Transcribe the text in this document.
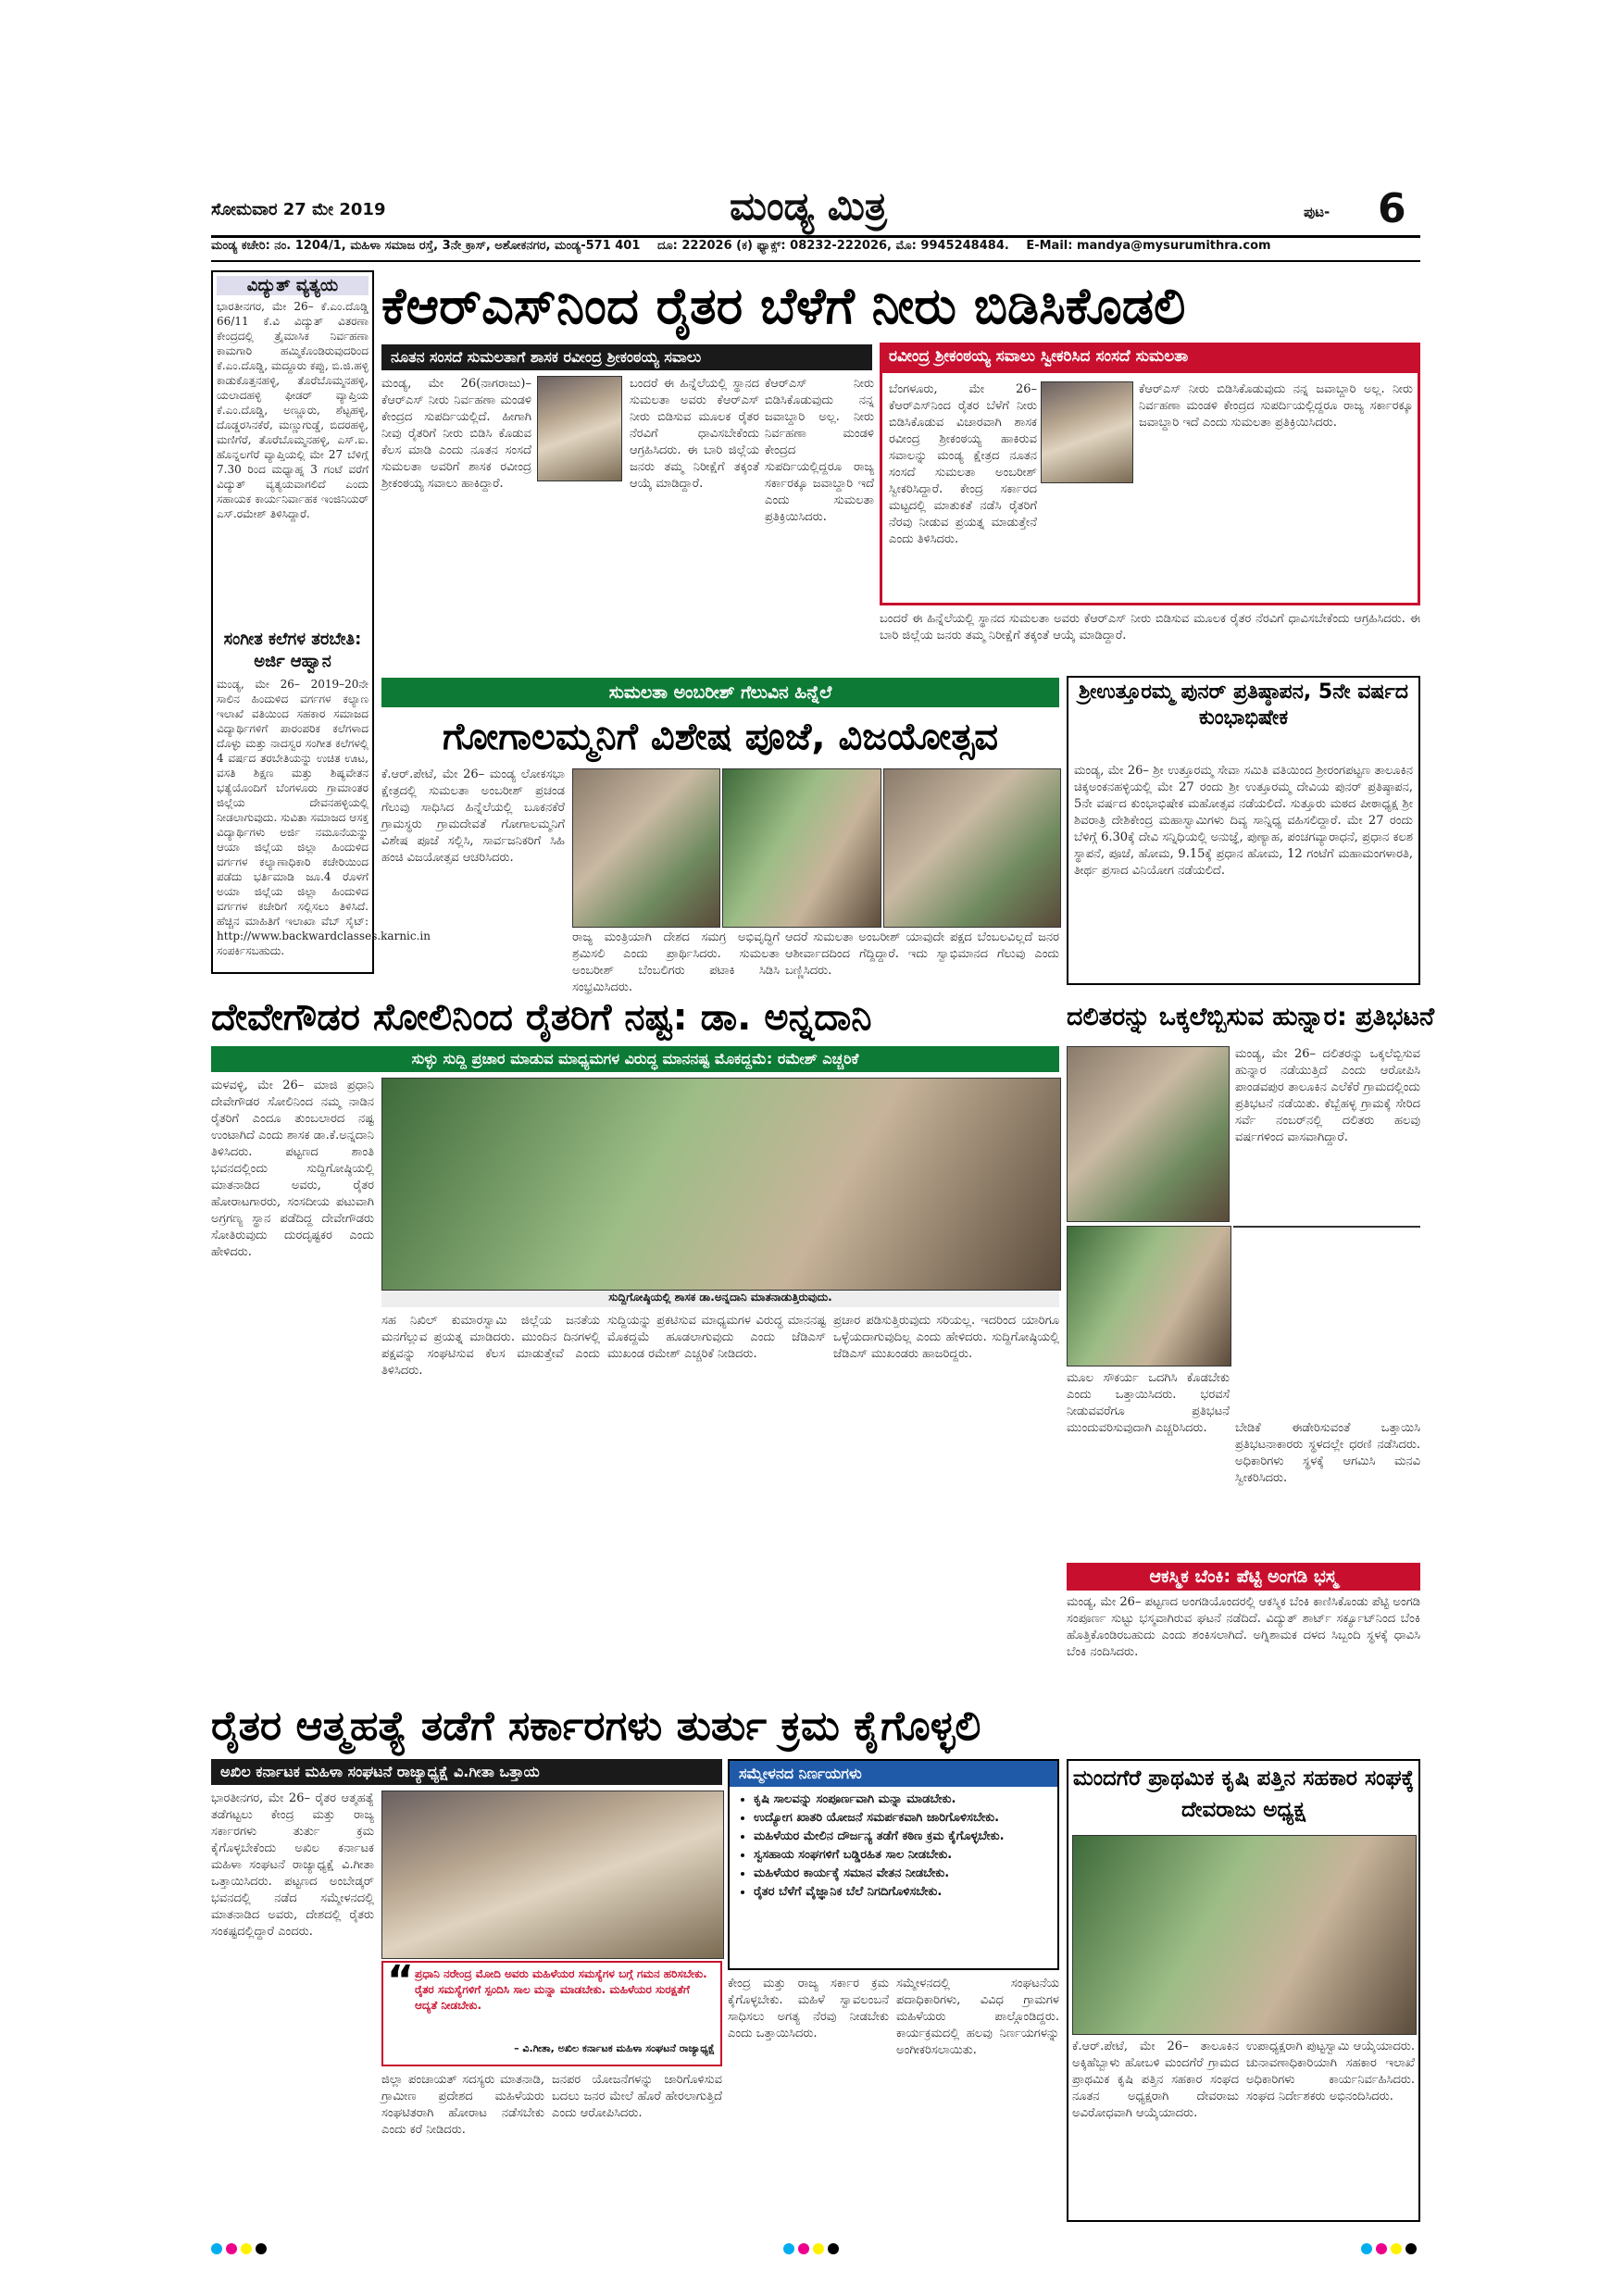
ಸೋಮವಾರ 27 ಮೇ 2019	ಮಂಡ್ಯ ಮಿತ್ರ	ಪುಟ- 6
ಮಂಡ್ಯ ಕಚೇರಿ: ನಂ. 1204/1, ಮಹಿಳಾ ಸಮಾಜ ರಸ್ತೆ, 3ನೇ ಕ್ರಾಸ್, ಅಶೋಕನಗರ, ಮಂಡ್ಯ-571 401 ದೂ: 222026 (ಕ) ಫ್ಯಾಕ್ಸ್: 08232-222026, ಮೊ: 9945248484. E-Mail: mandya@mysurumithra.com
ವಿದ್ಯುತ್ ವ್ಯತ್ಯಯ
ಭಾರತೀನಗರ, ಮೇ 26– ಕೆ.ಎಂ.ದೊಡ್ಡಿ 66/11 ಕೆ.ವಿ ವಿದ್ಯುತ್ ವಿತರಣಾ ಕೇಂದ್ರದಲ್ಲಿ ತ್ರೈಮಾಸಿಕ ನಿರ್ವಹಣಾ ಕಾಮಗಾರಿ ಹಮ್ಮಿಕೊಂಡಿರುವುದರಿಂದ ಕೆ.ಎಂ.ದೊಡ್ಡಿ, ಮದ್ದೂರು ಕಪ್ಪು, ಬಿ.ಜಿ.ಹಳ್ಳಿ ಕಾಡುಕೊತ್ತನಹಳ್ಳಿ, ತೊರೆಬೊಮ್ಮನಹಳ್ಳಿ, ಯಲಾದಹಳ್ಳಿ ಫೀಡರ್ ವ್ಯಾಪ್ತಿಯ ಕೆ.ಎಂ.ದೊಡ್ಡಿ, ಅಣ್ಣೂರು, ಶೆಟ್ಟಹಳ್ಳಿ, ದೊಡ್ಡರಸಿನಕೆರೆ, ಮಣ್ಣುಗುಡ್ಡೆ, ಬಿದರಹಳ್ಳಿ, ಮಣಿಗೆರೆ, ತೊರೆಬೊಮ್ಮನಹಳ್ಳಿ, ಎಸ್.ಐ. ಹೊನ್ನಲಗೆರೆ ವ್ಯಾಪ್ತಿಯಲ್ಲಿ ಮೇ 27 ಬೆಳಿಗ್ಗೆ 7.30 ರಿಂದ ಮಧ್ಯಾಹ್ನ 3 ಗಂಟೆ ವರೆಗೆ ವಿದ್ಯುತ್ ವ್ಯತ್ಯಯವಾಗಲಿದೆ ಎಂದು ಸಹಾಯಕ ಕಾರ್ಯನಿರ್ವಾಹಕ ಇಂಜಿನಿಯರ್ ಎಸ್.ರಮೇಶ್ ತಿಳಿಸಿದ್ದಾರೆ.
ಸಂಗೀತ ಕಲೆಗಳ ತರಬೇತಿ: ಅರ್ಜಿ ಆಹ್ವಾನ
ಮಂಡ್ಯ, ಮೇ 26– 2019–20ನೇ ಸಾಲಿನ ಹಿಂದುಳಿದ ವರ್ಗಗಳ ಕಲ್ಯಾಣ ಇಲಾಖೆ ವತಿಯಿಂದ ಸಹಕಾರ ಸಮಾಜದ ವಿದ್ಯಾರ್ಥಿಗಳಿಗೆ ಪಾರಂಪರಿಕ ಕಲೆಗಳಾದ ದೊಳ್ಳು ಮತ್ತು ನಾದಸ್ವರ ಸಂಗೀತ ಕಲೆಗಳಲ್ಲಿ 4 ವರ್ಷದ ತರಬೇತಿಯನ್ನು ಉಚಿತ ಊಟ, ವಸತಿ ಶಿಕ್ಷಣ ಮತ್ತು ಶಿಷ್ಯವೇತನ ಭತ್ಯೆಯೊಂದಿಗೆ ಬೆಂಗಳೂರು ಗ್ರಾಮಾಂತರ ಜಿಲ್ಲೆಯ ದೇವನಹಳ್ಳಿಯಲ್ಲಿ ನೀಡಲಾಗುವುದು. ಸುವಿತಾ ಸಮಾಜದ ಆಸಕ್ತ ವಿದ್ಯಾರ್ಥಿಗಳು ಅರ್ಜಿ ನಮೂನೆಯನ್ನು ಆಯಾ ಜಿಲ್ಲೆಯ ಜಿಲ್ಲಾ ಹಿಂದುಳಿದ ವರ್ಗಗಳ ಕಲ್ಯಾಣಾಧಿಕಾರಿ ಕಚೇರಿಯಿಂದ ಪಡೆದು ಭರ್ತಿಮಾಡಿ ಜೂ.4 ರೊಳಗೆ ಅಯಾ ಜಿಲ್ಲೆಯ ಜಿಲ್ಲಾ ಹಿಂದುಳಿದ ವರ್ಗಗಳ ಕಚೇರಿಗೆ ಸಲ್ಲಿಸಲು ತಿಳಿಸಿದೆ. ಹೆಚ್ಚಿನ ಮಾಹಿತಿಗೆ ಇಲಾಖಾ ವೆಬ್ ಸೈಟ್: http://www.backwardclasses.karnic.in ಸಂಪರ್ಕಿಸಬಹುದು.
ಕೆಆರ್‌ಎಸ್‌ನಿಂದ ರೈತರ ಬೆಳೆಗೆ ನೀರು ಬಿಡಿಸಿಕೊಡಲಿ
ನೂತನ ಸಂಸದೆ ಸುಮಲತಾಗೆ ಶಾಸಕ ರವೀಂದ್ರ ಶ್ರೀಕಂಠಯ್ಯ ಸವಾಲು	ರವೀಂದ್ರ ಶ್ರೀಕಂಠಯ್ಯ ಸವಾಲು ಸ್ವೀಕರಿಸಿದ ಸಂಸದೆ ಸುಮಲತಾ
ಮಂಡ್ಯ, ಮೇ 26(ನಾಗರಾಜು)– ಕೆಆರ್‌ಎಸ್ ನೀರು ನಿರ್ವಹಣಾ ಮಂಡಳಿ ಕೇಂದ್ರದ ಸುಪರ್ದಿಯಲ್ಲಿದೆ. ಹೀಗಾಗಿ ನೀವು ರೈತರಿಗೆ ನೀರು ಬಿಡಿಸಿ ಕೊಡುವ ಕೆಲಸ ಮಾಡಿ ಎಂದು ನೂತನ ಸಂಸದೆ ಸುಮಲತಾ ಅವರಿಗೆ ಶಾಸಕ ರವೀಂದ್ರ ಶ್ರೀಕಂಠಯ್ಯ ಸವಾಲು ಹಾಕಿದ್ದಾರೆ.
ಬಂದರೆ ಈ ಹಿನ್ನೆಲೆಯಲ್ಲಿ ಸ್ಥಾನದ ಸುಮಲತಾ ಅವರು ಕೆಆರ್‌ಎಸ್ ನೀರು ಬಿಡಿಸುವ ಮೂಲಕ ರೈತರ ನೆರವಿಗೆ ಧಾವಿಸಬೇಕೆಂದು ಆಗ್ರಹಿಸಿದರು. ಈ ಬಾರಿ ಜಿಲ್ಲೆಯ ಜನರು ತಮ್ಮ ನಿರೀಕ್ಷೆಗೆ ತಕ್ಕಂತೆ ಆಯ್ಕೆ ಮಾಡಿದ್ದಾರೆ.
ಕೆಆರ್‌ಎಸ್ ನೀರು ಬಿಡಿಸಿಕೊಡುವುದು ನನ್ನ ಜವಾಬ್ದಾರಿ ಅಲ್ಲ. ನೀರು ನಿರ್ವಹಣಾ ಮಂಡಳಿ ಕೇಂದ್ರದ ಸುಪರ್ದಿಯಲ್ಲಿದ್ದರೂ ರಾಜ್ಯ ಸರ್ಕಾರಕ್ಕೂ ಜವಾಬ್ದಾರಿ ಇದೆ ಎಂದು ಸುಮಲತಾ ಪ್ರತಿಕ್ರಿಯಿಸಿದರು.
ಬೆಂಗಳೂರು, ಮೇ 26– ಕೆಆರ್‌ಎಸ್‌ನಿಂದ ರೈತರ ಬೆಳೆಗೆ ನೀರು ಬಿಡಿಸಿಕೊಡುವ ವಿಚಾರವಾಗಿ ಶಾಸಕ ರವೀಂದ್ರ ಶ್ರೀಕಂಠಯ್ಯ ಹಾಕಿರುವ ಸವಾಲನ್ನು ಮಂಡ್ಯ ಕ್ಷೇತ್ರದ ನೂತನ ಸಂಸದೆ ಸುಮಲತಾ ಅಂಬರೀಶ್ ಸ್ವೀಕರಿಸಿದ್ದಾರೆ. ಕೇಂದ್ರ ಸರ್ಕಾರದ ಮಟ್ಟದಲ್ಲಿ ಮಾತುಕತೆ ನಡೆಸಿ ರೈತರಿಗೆ ನೆರವು ನೀಡುವ ಪ್ರಯತ್ನ ಮಾಡುತ್ತೇನೆ ಎಂದು ತಿಳಿಸಿದರು.
ಕೆಆರ್‌ಎಸ್ ನೀರು ಬಿಡಿಸಿಕೊಡುವುದು ನನ್ನ ಜವಾಬ್ದಾರಿ ಅಲ್ಲ. ನೀರು ನಿರ್ವಹಣಾ ಮಂಡಳಿ ಕೇಂದ್ರದ ಸುಪರ್ದಿಯಲ್ಲಿದ್ದರೂ ರಾಜ್ಯ ಸರ್ಕಾರಕ್ಕೂ ಜವಾಬ್ದಾರಿ ಇದೆ ಎಂದು ಸುಮಲತಾ ಪ್ರತಿಕ್ರಿಯಿಸಿದರು.
ಬಂದರೆ ಈ ಹಿನ್ನೆಲೆಯಲ್ಲಿ ಸ್ಥಾನದ ಸುಮಲತಾ ಅವರು ಕೆಆರ್‌ಎಸ್ ನೀರು ಬಿಡಿಸುವ ಮೂಲಕ ರೈತರ ನೆರವಿಗೆ ಧಾವಿಸಬೇಕೆಂದು ಆಗ್ರಹಿಸಿದರು. ಈ ಬಾರಿ ಜಿಲ್ಲೆಯ ಜನರು ತಮ್ಮ ನಿರೀಕ್ಷೆಗೆ ತಕ್ಕಂತೆ ಆಯ್ಕೆ ಮಾಡಿದ್ದಾರೆ.
ಸುಮಲತಾ ಅಂಬರೀಶ್ ಗೆಲುವಿನ ಹಿನ್ನೆಲೆ
ಗೋಗಾಲಮ್ಮನಿಗೆ ವಿಶೇಷ ಪೂಜೆ, ವಿಜಯೋತ್ಸವ
ಕೆ.ಆರ್.ಪೇಟೆ, ಮೇ 26– ಮಂಡ್ಯ ಲೋಕಸಭಾ ಕ್ಷೇತ್ರದಲ್ಲಿ ಸುಮಲತಾ ಅಂಬರೀಶ್ ಪ್ರಚಂಡ ಗೆಲುವು ಸಾಧಿಸಿದ ಹಿನ್ನೆಲೆಯಲ್ಲಿ ಬೂಕನಕೆರೆ ಗ್ರಾಮಸ್ಥರು ಗ್ರಾಮದೇವತೆ ಗೋಗಾಲಮ್ಮನಿಗೆ ವಿಶೇಷ ಪೂಜೆ ಸಲ್ಲಿಸಿ, ಸಾರ್ವಜನಿಕರಿಗೆ ಸಿಹಿ ಹಂಚಿ ವಿಜಯೋತ್ಸವ ಆಚರಿಸಿದರು.
ರಾಜ್ಯ ಮಂತ್ರಿಯಾಗಿ ದೇಶದ ಸಮಗ್ರ ಅಭಿವೃದ್ಧಿಗೆ ಶ್ರಮಿಸಲಿ ಎಂದು ಪ್ರಾರ್ಥಿಸಿದರು. ಸುಮಲತಾ ಅಂಬರೀಶ್ ಬೆಂಬಲಿಗರು ಪಟಾಕಿ ಸಿಡಿಸಿ ಸಂಭ್ರಮಿಸಿದರು.
ಆದರೆ ಸುಮಲತಾ ಅಂಬರೀಶ್ ಯಾವುದೇ ಪಕ್ಷದ ಬೆಂಬಲವಿಲ್ಲದೆ ಜನರ ಆಶೀರ್ವಾದದಿಂದ ಗೆದ್ದಿದ್ದಾರೆ. ಇದು ಸ್ವಾಭಿಮಾನದ ಗೆಲುವು ಎಂದು ಬಣ್ಣಿಸಿದರು.
ಶ್ರೀಉತ್ತೂರಮ್ಮ ಪುನರ್ ಪ್ರತಿಷ್ಠಾಪನ, 5ನೇ ವರ್ಷದ ಕುಂಭಾಭಿಷೇಕ
ಮಂಡ್ಯ, ಮೇ 26– ಶ್ರೀ ಉತ್ತೂರಮ್ಮ ಸೇವಾ ಸಮಿತಿ ವತಿಯಿಂದ ಶ್ರೀರಂಗಪಟ್ಟಣ ತಾಲೂಕಿನ ಚಿಕ್ಕಅಂಕನಹಳ್ಳಿಯಲ್ಲಿ ಮೇ 27 ರಂದು ಶ್ರೀ ಉತ್ತೂರಮ್ಮ ದೇವಿಯ ಪುನರ್ ಪ್ರತಿಷ್ಠಾಪನ, 5ನೇ ವರ್ಷದ ಕುಂಭಾಭಿಷೇಕ ಮಹೋತ್ಸವ ನಡೆಯಲಿದೆ. ಸುತ್ತೂರು ಮಠದ ಪೀಠಾಧ್ಯಕ್ಷ ಶ್ರೀ ಶಿವರಾತ್ರಿ ದೇಶಿಕೇಂದ್ರ ಮಹಾಸ್ವಾಮಿಗಳು ದಿವ್ಯ ಸಾನ್ನಿಧ್ಯ ವಹಿಸಲಿದ್ದಾರೆ. ಮೇ 27 ರಂದು ಬೆಳಿಗ್ಗೆ 6.30ಕ್ಕೆ ದೇವಿ ಸನ್ನಿಧಿಯಲ್ಲಿ ಅನುಜ್ಞೆ, ಪುಣ್ಯಾಹ, ಪಂಚಗವ್ಯಾರಾಧನೆ, ಪ್ರಧಾನ ಕಲಶ ಸ್ಥಾಪನೆ, ಪೂಜೆ, ಹೋಮ, 9.15ಕ್ಕೆ ಪ್ರಧಾನ ಹೋಮ, 12 ಗಂಟೆಗೆ ಮಹಾಮಂಗಳಾರತಿ, ತೀರ್ಥ ಪ್ರಸಾದ ವಿನಿಯೋಗ ನಡೆಯಲಿದೆ.
ದೇವೇಗೌಡರ ಸೋಲಿನಿಂದ ರೈತರಿಗೆ ನಷ್ಟ: ಡಾ. ಅನ್ನದಾನಿ
ಸುಳ್ಳು ಸುದ್ದಿ ಪ್ರಚಾರ ಮಾಡುವ ಮಾಧ್ಯಮಗಳ ವಿರುದ್ಧ ಮಾನನಷ್ಟ ಮೊಕದ್ದಮೆ: ರಮೇಶ್ ಎಚ್ಚರಿಕೆ
ಮಳವಳ್ಳಿ, ಮೇ 26– ಮಾಜಿ ಪ್ರಧಾನಿ ದೇವೇಗೌಡರ ಸೋಲಿನಿಂದ ನಮ್ಮ ನಾಡಿನ ರೈತರಿಗೆ ಎಂದೂ ತುಂಬಲಾರದ ನಷ್ಟ ಉಂಟಾಗಿದೆ ಎಂದು ಶಾಸಕ ಡಾ.ಕೆ.ಅನ್ನದಾನಿ ತಿಳಿಸಿದರು. ಪಟ್ಟಣದ ಶಾಂತಿ ಭವನದಲ್ಲಿಂದು ಸುದ್ದಿಗೋಷ್ಠಿಯಲ್ಲಿ ಮಾತನಾಡಿದ ಅವರು, ರೈತರ ಹೋರಾಟಗಾರರು, ಸಂಸದೀಯ ಪಟುವಾಗಿ ಅಗ್ರಗಣ್ಯ ಸ್ಥಾನ ಪಡೆದಿದ್ದ ದೇವೇಗೌಡರು ಸೋತಿರುವುದು ದುರದೃಷ್ಟಕರ ಎಂದು ಹೇಳಿದರು.
ಸುದ್ದಿಗೋಷ್ಠಿಯಲ್ಲಿ ಶಾಸಕ ಡಾ.ಅನ್ನದಾನಿ ಮಾತನಾಡುತ್ತಿರುವುದು.
ಸಹ ನಿಖಿಲ್ ಕುಮಾರಸ್ವಾಮಿ ಜಿಲ್ಲೆಯ ಜನತೆಯ ಮನಗೆಲ್ಲುವ ಪ್ರಯತ್ನ ಮಾಡಿದರು. ಮುಂದಿನ ದಿನಗಳಲ್ಲಿ ಪಕ್ಷವನ್ನು ಸಂಘಟಿಸುವ ಕೆಲಸ ಮಾಡುತ್ತೇವೆ ಎಂದು ತಿಳಿಸಿದರು.
ಸುದ್ದಿಯನ್ನು ಪ್ರಕಟಿಸುವ ಮಾಧ್ಯಮಗಳ ವಿರುದ್ಧ ಮಾನನಷ್ಟ ಮೊಕದ್ದಮೆ ಹೂಡಲಾಗುವುದು ಎಂದು ಜೆಡಿಎಸ್ ಮುಖಂಡ ರಮೇಶ್ ಎಚ್ಚರಿಕೆ ನೀಡಿದರು.
ಪ್ರಚಾರ ಪಡಿಸುತ್ತಿರುವುದು ಸರಿಯಲ್ಲ. ಇದರಿಂದ ಯಾರಿಗೂ ಒಳ್ಳೆಯದಾಗುವುದಿಲ್ಲ ಎಂದು ಹೇಳಿದರು. ಸುದ್ದಿಗೋಷ್ಠಿಯಲ್ಲಿ ಜೆಡಿಎಸ್ ಮುಖಂಡರು ಹಾಜರಿದ್ದರು.
ದಲಿತರನ್ನು ಒಕ್ಕಲೆಬ್ಬಿಸುವ ಹುನ್ನಾರ: ಪ್ರತಿಭಟನೆ
ಮಂಡ್ಯ, ಮೇ 26– ದಲಿತರನ್ನು ಒಕ್ಕಲೆಬ್ಬಿಸುವ ಹುನ್ನಾರ ನಡೆಯುತ್ತಿದೆ ಎಂದು ಆರೋಪಿಸಿ ಪಾಂಡವಪುರ ತಾಲೂಕಿನ ಎಲೆಕೆರೆ ಗ್ರಾಮದಲ್ಲಿಂದು ಪ್ರತಿಭಟನೆ ನಡೆಯಿತು. ಕೆಬ್ಬೆಹಳ್ಳ ಗ್ರಾಮಕ್ಕೆ ಸೇರಿದ ಸರ್ವೆ ನಂಬರ್‌ನಲ್ಲಿ ದಲಿತರು ಹಲವು ವರ್ಷಗಳಿಂದ ವಾಸವಾಗಿದ್ದಾರೆ.
ಮೂಲ ಸೌಕರ್ಯ ಒದಗಿಸಿ ಕೊಡಬೇಕು ಎಂದು ಒತ್ತಾಯಿಸಿದರು. ಭರವಸೆ ನೀಡುವವರೆಗೂ ಪ್ರತಿಭಟನೆ ಮುಂದುವರಿಸುವುದಾಗಿ ಎಚ್ಚರಿಸಿದರು.	ಬೇಡಿಕೆ ಈಡೇರಿಸುವಂತೆ ಒತ್ತಾಯಿಸಿ ಪ್ರತಿಭಟನಾಕಾರರು ಸ್ಥಳದಲ್ಲೇ ಧರಣಿ ನಡೆಸಿದರು. ಅಧಿಕಾರಿಗಳು ಸ್ಥಳಕ್ಕೆ ಆಗಮಿಸಿ ಮನವಿ ಸ್ವೀಕರಿಸಿದರು.
ಆಕಸ್ಮಿಕ ಬೆಂಕಿ: ಪೆಟ್ಟಿ ಅಂಗಡಿ ಭಸ್ಮ
ಮಂಡ್ಯ, ಮೇ 26– ಪಟ್ಟಣದ ಅಂಗಡಿಯೊಂದರಲ್ಲಿ ಆಕಸ್ಮಿಕ ಬೆಂಕಿ ಕಾಣಿಸಿಕೊಂಡು ಪೆಟ್ಟಿ ಅಂಗಡಿ ಸಂಪೂರ್ಣ ಸುಟ್ಟು ಭಸ್ಮವಾಗಿರುವ ಘಟನೆ ನಡೆದಿದೆ. ವಿದ್ಯುತ್ ಶಾರ್ಟ್ ಸರ್ಕ್ಯೂಟ್‌ನಿಂದ ಬೆಂಕಿ ಹೊತ್ತಿಕೊಂಡಿರಬಹುದು ಎಂದು ಶಂಕಿಸಲಾಗಿದೆ. ಅಗ್ನಿಶಾಮಕ ದಳದ ಸಿಬ್ಬಂದಿ ಸ್ಥಳಕ್ಕೆ ಧಾವಿಸಿ ಬೆಂಕಿ ನಂದಿಸಿದರು.
ರೈತರ ಆತ್ಮಹತ್ಯೆ ತಡೆಗೆ ಸರ್ಕಾರಗಳು ತುರ್ತು ಕ್ರಮ ಕೈಗೊಳ್ಳಲಿ
ಅಖಿಲ ಕರ್ನಾಟಕ ಮಹಿಳಾ ಸಂಘಟನೆ ರಾಜ್ಯಾಧ್ಯಕ್ಷೆ ವಿ.ಗೀತಾ ಒತ್ತಾಯ
ಭಾರತೀನಗರ, ಮೇ 26– ರೈತರ ಆತ್ಮಹತ್ಯೆ ತಡೆಗಟ್ಟಲು ಕೇಂದ್ರ ಮತ್ತು ರಾಜ್ಯ ಸರ್ಕಾರಗಳು ತುರ್ತು ಕ್ರಮ ಕೈಗೊಳ್ಳಬೇಕೆಂದು ಅಖಿಲ ಕರ್ನಾಟಕ ಮಹಿಳಾ ಸಂಘಟನೆ ರಾಜ್ಯಾಧ್ಯಕ್ಷೆ ವಿ.ಗೀತಾ ಒತ್ತಾಯಿಸಿದರು. ಪಟ್ಟಣದ ಅಂಬೇಡ್ಕರ್ ಭವನದಲ್ಲಿ ನಡೆದ ಸಮ್ಮೇಳನದಲ್ಲಿ ಮಾತನಾಡಿದ ಅವರು, ದೇಶದಲ್ಲಿ ರೈತರು ಸಂಕಷ್ಟದಲ್ಲಿದ್ದಾರೆ ಎಂದರು.
ಸಮ್ಮೇಳನದ ನಿರ್ಣಯಗಳು
• ಕೃಷಿ ಸಾಲವನ್ನು ಸಂಪೂರ್ಣವಾಗಿ ಮನ್ನಾ ಮಾಡಬೇಕು.
• ಉದ್ಯೋಗ ಖಾತರಿ ಯೋಜನೆ ಸಮರ್ಪಕವಾಗಿ ಜಾರಿಗೊಳಿಸಬೇಕು.
• ಮಹಿಳೆಯರ ಮೇಲಿನ ದೌರ್ಜನ್ಯ ತಡೆಗೆ ಕಠಿಣ ಕ್ರಮ ಕೈಗೊಳ್ಳಬೇಕು.
• ಸ್ವಸಹಾಯ ಸಂಘಗಳಿಗೆ ಬಡ್ಡಿರಹಿತ ಸಾಲ ನೀಡಬೇಕು.
• ಮಹಿಳೆಯರ ಕಾರ್ಯಕ್ಕೆ ಸಮಾನ ವೇತನ ನೀಡಬೇಕು.
• ರೈತರ ಬೆಳೆಗೆ ವೈಜ್ಞಾನಿಕ ಬೆಲೆ ನಿಗದಿಗೊಳಿಸಬೇಕು.
“ ಪ್ರಧಾನಿ ನರೇಂದ್ರ ಮೋದಿ ಅವರು ಮಹಿಳೆಯರ ಸಮಸ್ಯೆಗಳ ಬಗ್ಗೆ ಗಮನ ಹರಿಸಬೇಕು. ರೈತರ ಸಮಸ್ಯೆಗಳಿಗೆ ಸ್ಪಂದಿಸಿ ಸಾಲ ಮನ್ನಾ ಮಾಡಬೇಕು. ಮಹಿಳೆಯರ ಸುರಕ್ಷತೆಗೆ ಆದ್ಯತೆ ನೀಡಬೇಕು.
– ವಿ.ಗೀತಾ, ಅಖಿಲ ಕರ್ನಾಟಕ ಮಹಿಳಾ ಸಂಘಟನೆ ರಾಜ್ಯಾಧ್ಯಕ್ಷೆ
ಜಿಲ್ಲಾ ಪಂಚಾಯತ್ ಸದಸ್ಯರು ಮಾತನಾಡಿ, ಗ್ರಾಮೀಣ ಪ್ರದೇಶದ ಮಹಿಳೆಯರು ಸಂಘಟಿತರಾಗಿ ಹೋರಾಟ ನಡೆಸಬೇಕು ಎಂದು ಕರೆ ನೀಡಿದರು.
ಜನಪರ ಯೋಜನೆಗಳನ್ನು ಜಾರಿಗೊಳಿಸುವ ಬದಲು ಜನರ ಮೇಲೆ ಹೊರೆ ಹೇರಲಾಗುತ್ತಿದೆ ಎಂದು ಆರೋಪಿಸಿದರು.
ಕೇಂದ್ರ ಮತ್ತು ರಾಜ್ಯ ಸರ್ಕಾರ ಕ್ರಮ ಕೈಗೊಳ್ಳಬೇಕು. ಮಹಿಳೆ ಸ್ವಾವಲಂಬನೆ ಸಾಧಿಸಲು ಅಗತ್ಯ ನೆರವು ನೀಡಬೇಕು ಎಂದು ಒತ್ತಾಯಿಸಿದರು.
ಸಮ್ಮೇಳನದಲ್ಲಿ ಸಂಘಟನೆಯ ಪದಾಧಿಕಾರಿಗಳು, ವಿವಿಧ ಗ್ರಾಮಗಳ ಮಹಿಳೆಯರು ಪಾಲ್ಗೊಂಡಿದ್ದರು. ಕಾರ್ಯಕ್ರಮದಲ್ಲಿ ಹಲವು ನಿರ್ಣಯಗಳನ್ನು ಅಂಗೀಕರಿಸಲಾಯಿತು.
ಮಂದಗೆರೆ ಪ್ರಾಥಮಿಕ ಕೃಷಿ ಪತ್ತಿನ ಸಹಕಾರ ಸಂಘಕ್ಕೆ ದೇವರಾಜು ಅಧ್ಯಕ್ಷ
ಕೆ.ಆರ್.ಪೇಟೆ, ಮೇ 26– ತಾಲೂಕಿನ ಅಕ್ಕಿಹೆಬ್ಬಾಳು ಹೋಬಳಿ ಮಂದಗೆರೆ ಗ್ರಾಮದ ಪ್ರಾಥಮಿಕ ಕೃಷಿ ಪತ್ತಿನ ಸಹಕಾರ ಸಂಘದ ನೂತನ ಅಧ್ಯಕ್ಷರಾಗಿ ದೇವರಾಜು ಅವಿರೋಧವಾಗಿ ಆಯ್ಕೆಯಾದರು.
ಉಪಾಧ್ಯಕ್ಷರಾಗಿ ಪುಟ್ಟಸ್ವಾಮಿ ಆಯ್ಕೆಯಾದರು. ಚುನಾವಣಾಧಿಕಾರಿಯಾಗಿ ಸಹಕಾರ ಇಲಾಖೆ ಅಧಿಕಾರಿಗಳು ಕಾರ್ಯನಿರ್ವಹಿಸಿದರು. ಸಂಘದ ನಿರ್ದೇಶಕರು ಅಭಿನಂದಿಸಿದರು.
